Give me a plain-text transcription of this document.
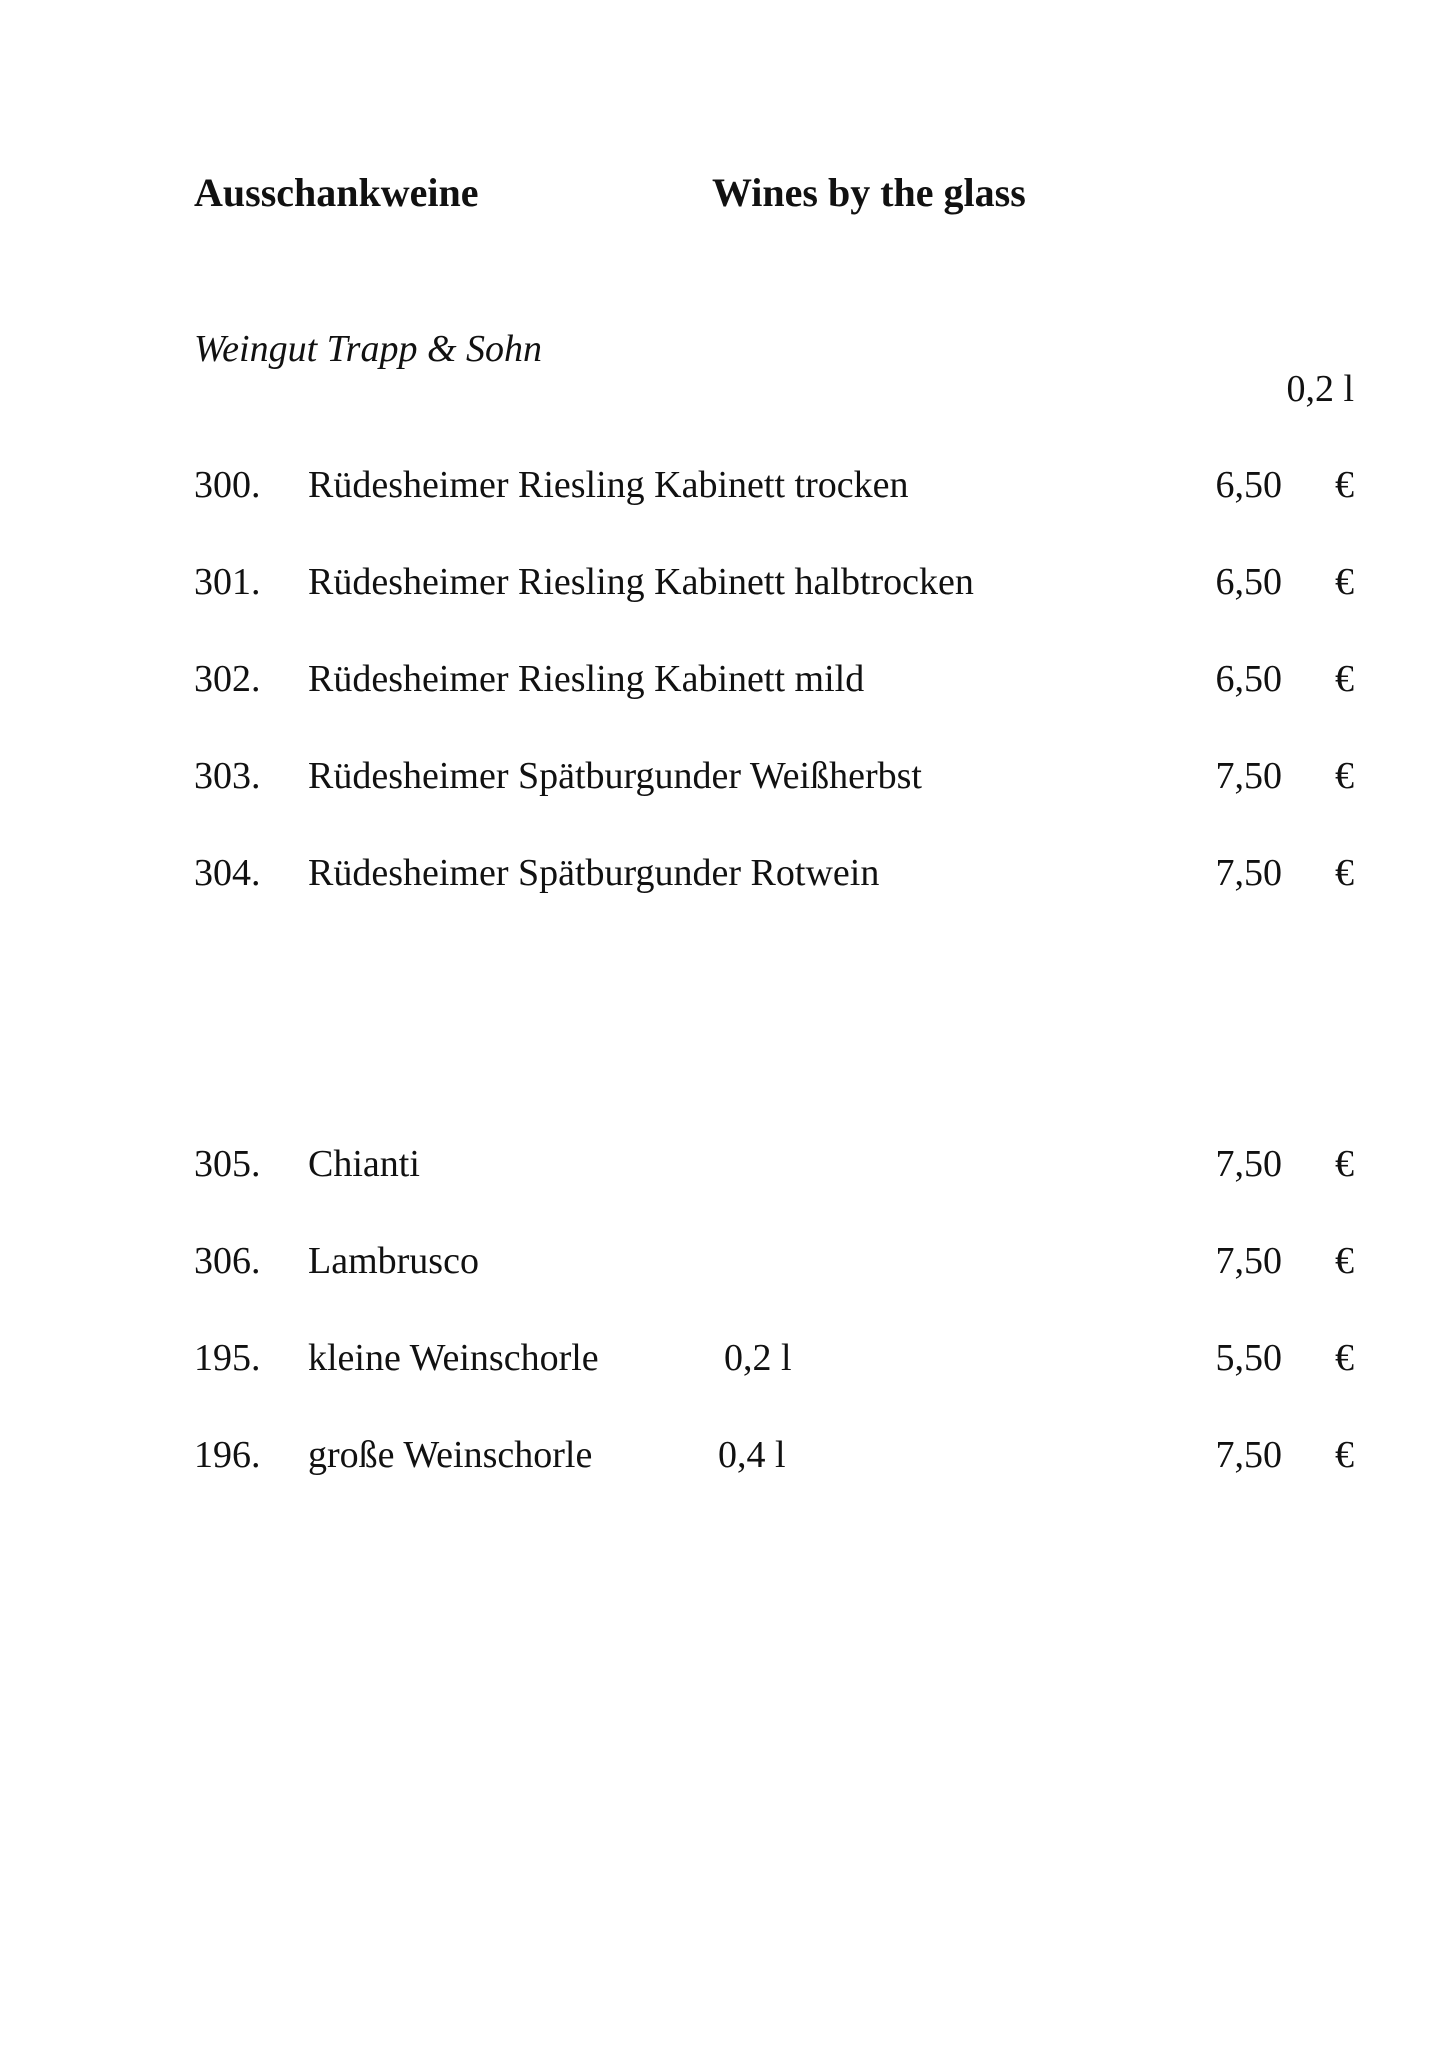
Ausschankweine	Wines by the glass
Weingut Trapp & Sohn
0,2 l
300. Rüdesheimer Riesling Kabinett trocken	6,50 €
301. Rüdesheimer Riesling Kabinett halbtrocken	6,50 €
302. Rüdesheimer Riesling Kabinett mild	6,50 €
303. Rüdesheimer Spätburgunder Weißherbst	7,50 €
304. Rüdesheimer Spätburgunder Rotwein	7,50 €
305. Chianti	7,50 €
306. Lambrusco	7,50 €
195. kleine Weinschorle	0,2 l	5,50 €
196. große Weinschorle	0,4 l	7,50 €
